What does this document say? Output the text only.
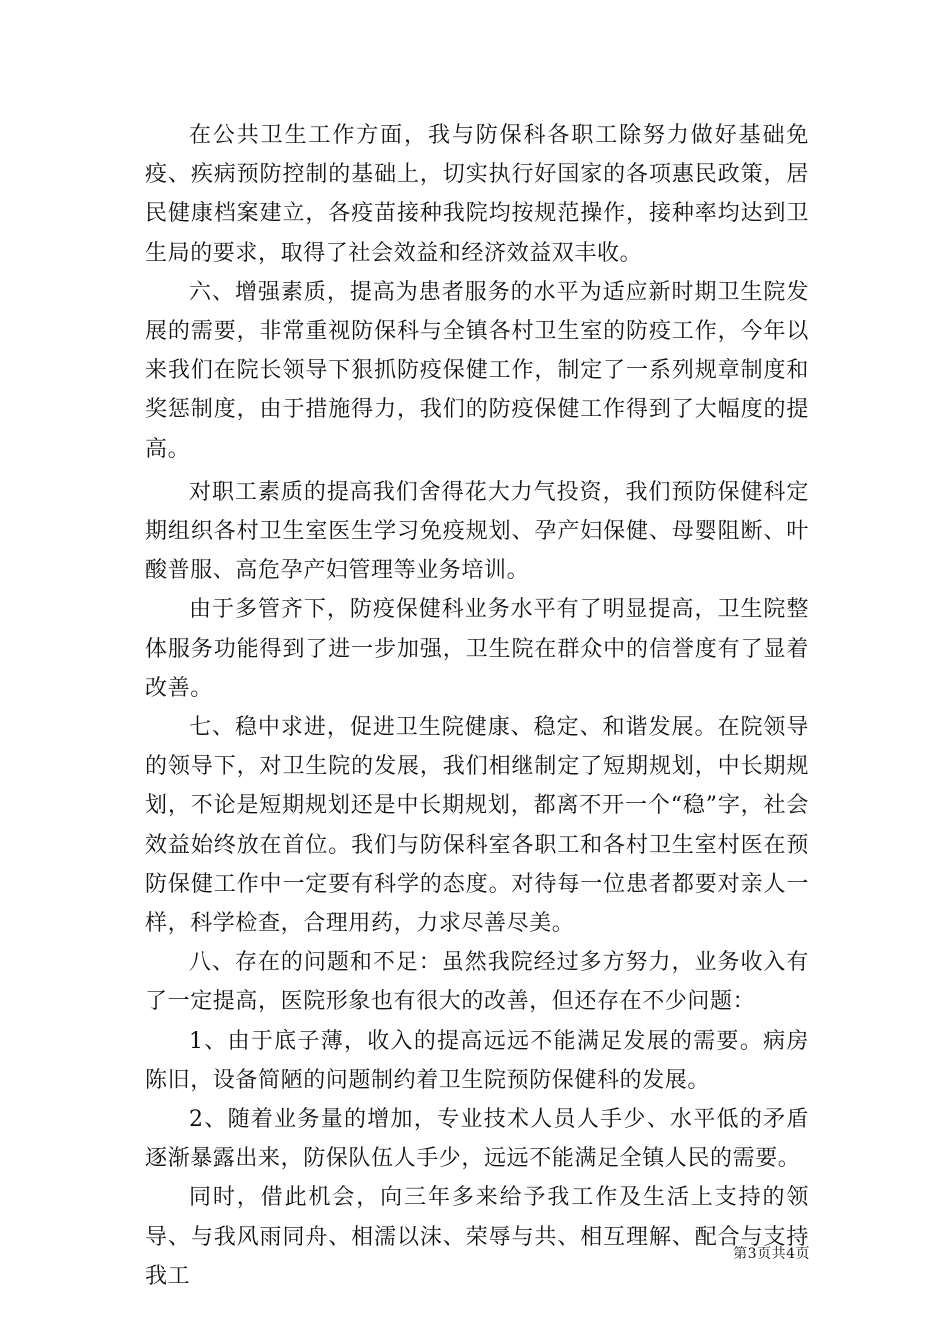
在公共卫生工作方面，我与防保科各职工除努力做好基础免疫、疾病预防控制的基础上，切实执行好国家的各项惠民政策，居民健康档案建立，各疫苗接种我院均按规范操作，接种率均达到卫生局的要求，取得了社会效益和经济效益双丰收。

六、增强素质，提高为患者服务的水平为适应新时期卫生院发展的需要，非常重视防保科与全镇各村卫生室的防疫工作，今年以来我们在院长领导下狠抓防疫保健工作，制定了一系列规章制度和奖惩制度，由于措施得力，我们的防疫保健工作得到了大幅度的提高。

对职工素质的提高我们舍得花大力气投资，我们预防保健科定期组织各村卫生室医生学习免疫规划、孕产妇保健、母婴阻断、叶酸普服、高危孕产妇管理等业务培训。

由于多管齐下，防疫保健科业务水平有了明显提高，卫生院整体服务功能得到了进一步加强，卫生院在群众中的信誉度有了显着改善。

七、稳中求进，促进卫生院健康、稳定、和谐发展。在院领导的领导下，对卫生院的发展，我们相继制定了短期规划，中长期规划，不论是短期规划还是中长期规划，都离不开一个“稳”字，社会效益始终放在首位。我们与防保科室各职工和各村卫生室村医在预防保健工作中一定要有科学的态度。对待每一位患者都要对亲人一样，科学检查，合理用药，力求尽善尽美。

八、存在的问题和不足：虽然我院经过多方努力，业务收入有了一定提高，医院形象也有很大的改善，但还存在不少问题：

1、由于底子薄，收入的提高远远不能满足发展的需要。病房陈旧，设备简陋的问题制约着卫生院预防保健科的发展。

2、随着业务量的增加，专业技术人员人手少、水平低的矛盾逐渐暴露出来，防保队伍人手少，远远不能满足全镇人民的需要。

同时，借此机会，向三年多来给予我工作及生活上支持的领导、与我风雨同舟、相濡以沫、荣辱与共、相互理解、配合与支持我工

第3页共4页
